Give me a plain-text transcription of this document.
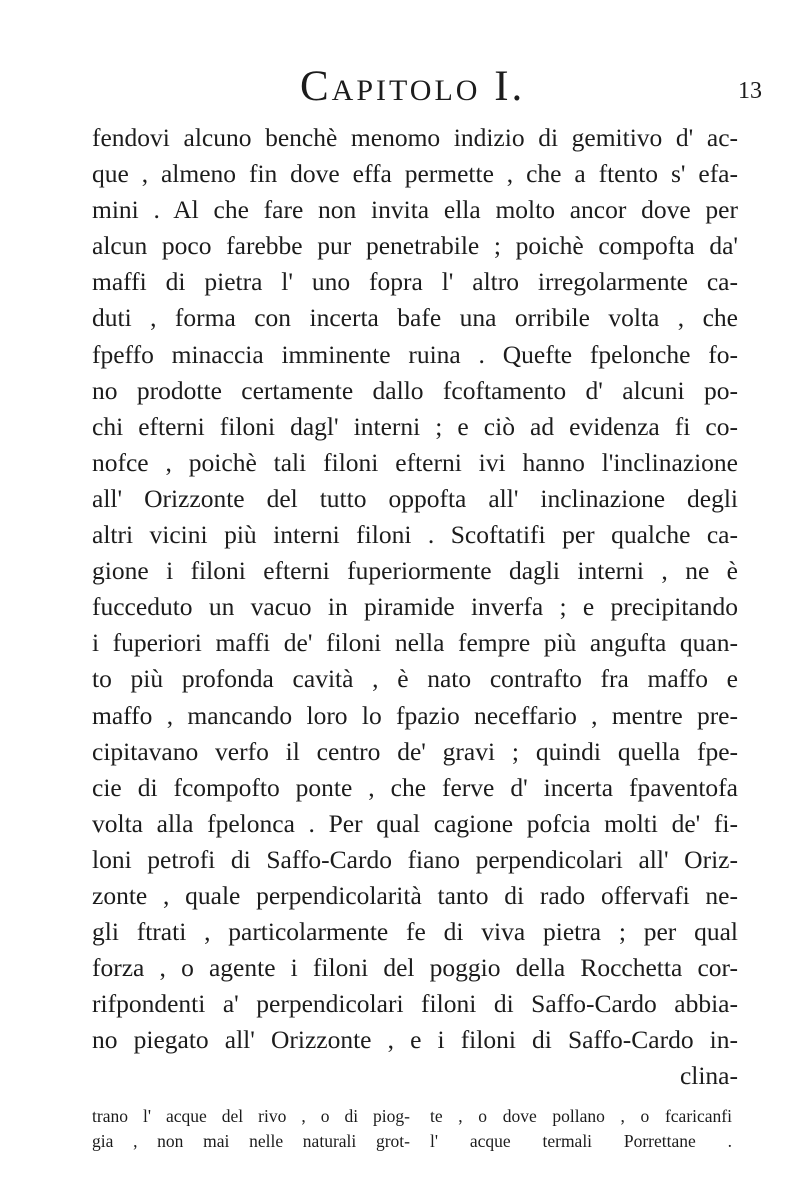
Capitolo I.	13
fendovi alcuno benchè menomo indizio di gemitivo d' ac-
que , almeno fin dove effa permette , che a ftento s' efa-
mini . Al che fare non invita ella molto ancor dove per
alcun poco farebbe pur penetrabile ; poichè compofta da'
maffi di pietra l' uno fopra l' altro irregolarmente ca-
duti , forma con incerta bafe una orribile volta , che
fpeffo minaccia imminente ruina . Quefte fpelonche fo-
no prodotte certamente dallo fcoftamento d' alcuni po-
chi efterni filoni dagl' interni ; e ciò ad evidenza fi co-
nofce , poichè tali filoni efterni ivi hanno l'inclinazione
all' Orizzonte del tutto oppofta all' inclinazione degli
altri vicini più interni filoni . Scoftatifi per qualche ca-
gione i filoni efterni fuperiormente dagli interni , ne è
fucceduto un vacuo in piramide inverfa ; e precipitando
i fuperiori maffi de' filoni nella fempre più angufta quan-
to più profonda cavità , è nato contrafto fra maffo e
maffo , mancando loro lo fpazio neceffario , mentre pre-
cipitavano verfo il centro de' gravi ; quindi quella fpe-
cie di fcompofto ponte , che ferve d' incerta fpaventofa
volta alla fpelonca . Per qual cagione pofcia molti de' fi-
loni petrofi di Saffo-Cardo fiano perpendicolari all' Oriz-
zonte , quale perpendicolarità tanto di rado offervafi ne-
gli ftrati , particolarmente fe di viva pietra ; per qual
forza , o agente i filoni del poggio della Rocchetta cor-
rifpondenti a' perpendicolari filoni di Saffo-Cardo abbia-
no piegato all' Orizzonte , e i filoni di Saffo-Cardo in-
clina-
trano l' acque del rivo , o di piog-
gia , non mai nelle naturali grot-
te , o dove pollano , o fcaricanfi
l' acque termali Porrettane .
